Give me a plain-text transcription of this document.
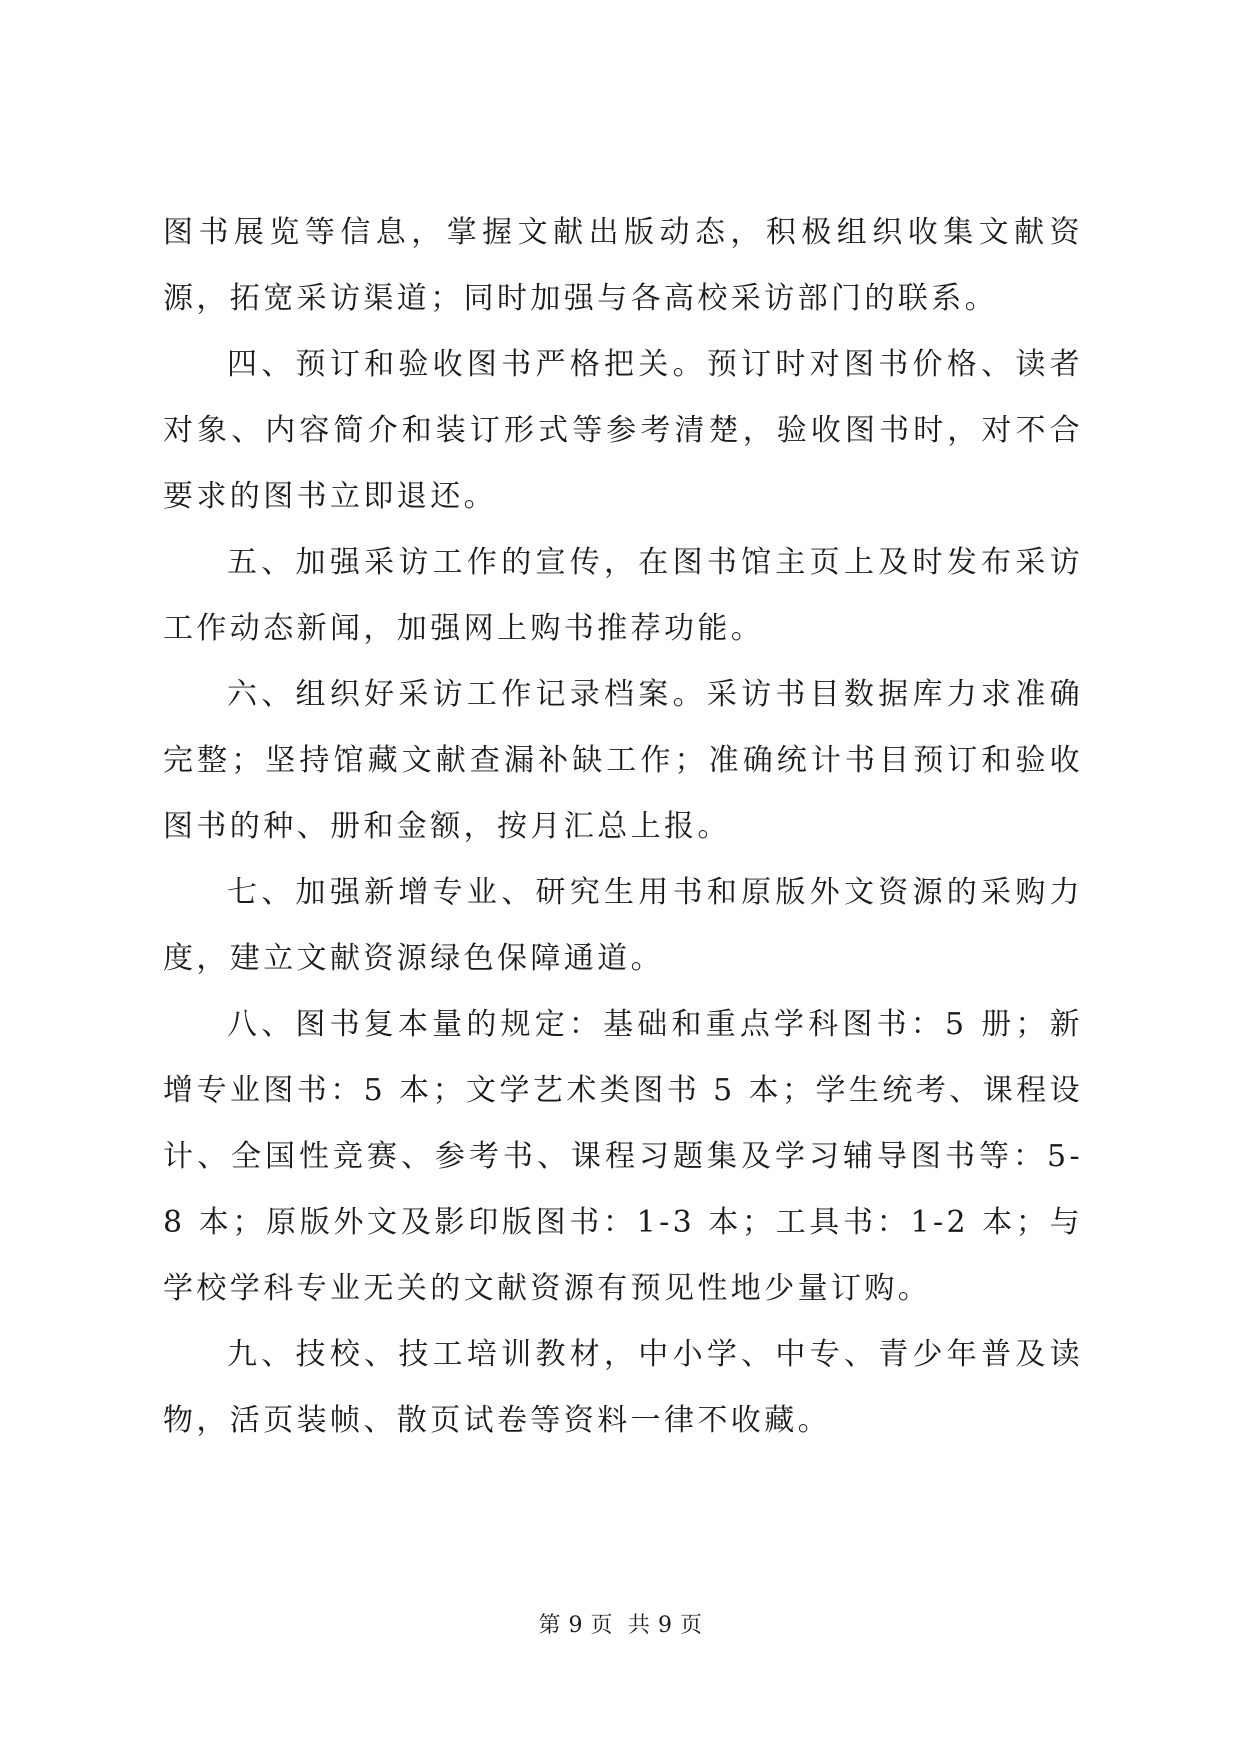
图书展览等信息，掌握文献出版动态，积极组织收集文献资源，拓宽采访渠道；同时加强与各高校采访部门的联系。

四、预订和验收图书严格把关。预订时对图书价格、读者对象、内容简介和装订形式等参考清楚，验收图书时，对不合要求的图书立即退还。

五、加强采访工作的宣传，在图书馆主页上及时发布采访工作动态新闻，加强网上购书推荐功能。

六、组织好采访工作记录档案。采访书目数据库力求准确完整；坚持馆藏文献查漏补缺工作；准确统计书目预订和验收图书的种、册和金额，按月汇总上报。

七、加强新增专业、研究生用书和原版外文资源的采购力度，建立文献资源绿色保障通道。

八、图书复本量的规定：基础和重点学科图书：5 册；新增专业图书：5 本；文学艺术类图书 5 本；学生统考、课程设计、全国性竞赛、参考书、课程习题集及学习辅导图书等：5-8 本；原版外文及影印版图书：1-3 本；工具书：1-2 本；与学校学科专业无关的文献资源有预见性地少量订购。

九、技校、技工培训教材，中小学、中专、青少年普及读物，活页装帧、散页试卷等资料一律不收藏。

第 9 页  共 9 页
